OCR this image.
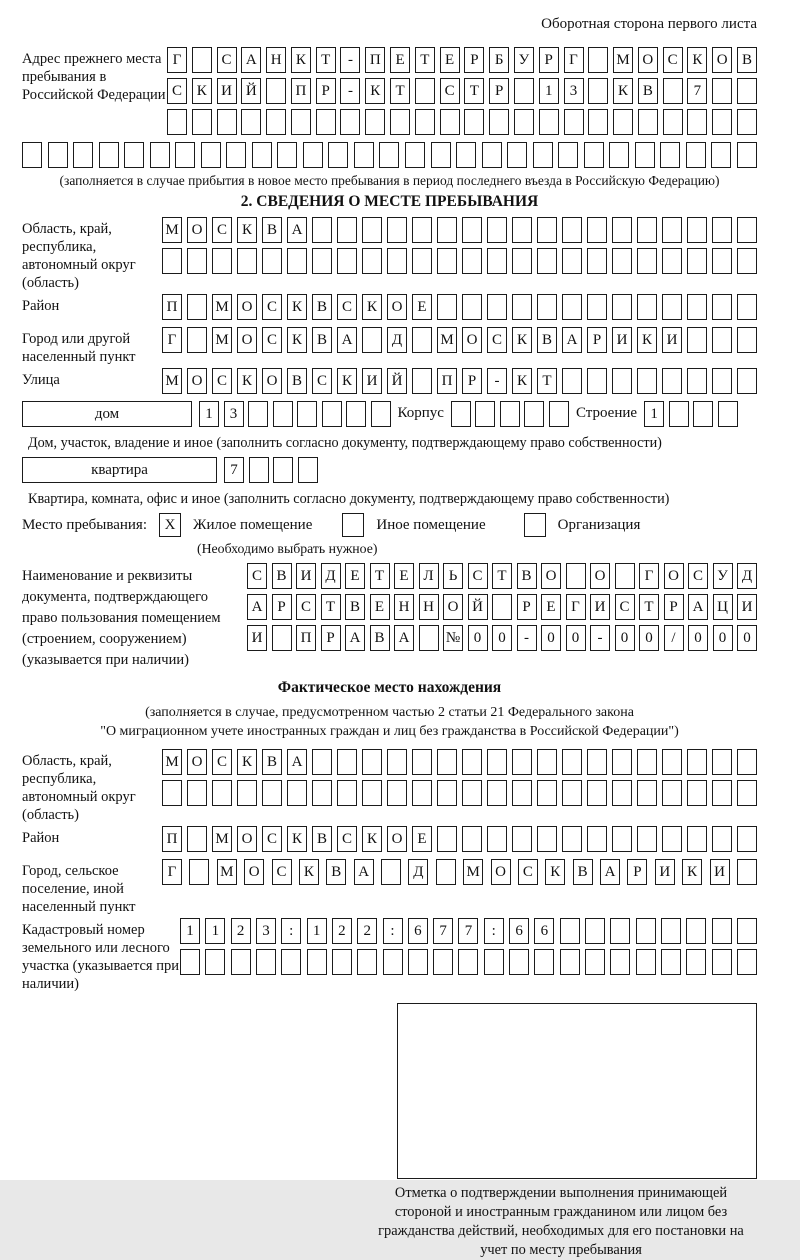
Оборотная сторона первого листа
Адрес прежнего места пребывания в Российской Федерации
Г	С А Н К	Т	-	П Е	Т	Е	Р	Б	У	Р	Г	М О С К О В
С К И Й	П	Р	-	К	Т	С	Т	Р	1	3	К В	7
(заполняется в случае прибытия в новое место пребывания в период последнего въезда в Российскую Федерацию)
2. СВЕДЕНИЯ О МЕСТЕ ПРЕБЫВАНИЯ
Область, край, республика, автономный округ (область)
М О С К В А
Район	П	М О С К В С К О Е
Город или другой населенный пункт
Г	М О С К В А	Д	М О С К В А	Р	И К И
Улица	М О С К О В С К И Й	П	Р	-	К	Т
дом	1	3	Корпус	Строение 1
Дом, участок, владение и иное (заполнить согласно документу, подтверждающему право собственности)
квартира	7
Квартира, комната, офис и иное (заполнить согласно документу, подтверждающему право собственности)
Место пребывания:	X	Жилое помещение	Иное помещение	Организация
(Необходимо выбрать нужное)
Наименование и реквизиты документа, подтверждающего право пользования помещением (строением, сооружением) (указывается при наличии)
С В И Д Е	Т	Е Л	Ь	С Т В О	О	Г О С У Д
А Р	С Т В Е Н Н О Й	Р	Е	Г И С Т	Р А Ц И
И	П Р А В А	№ 0	0	-	0	0	-	0	0	/	0	0	0
Фактическое место нахождения
(заполняется в случае, предусмотренном частью 2 статьи 21 Федерального закона
"О миграционном учете иностранных граждан и лиц без гражданства в Российской Федерации")
Область, край, республика, автономный округ (область)
М О С К В А
Район	П	М О С К В С К О Е
Город, сельское поселение, иной населенный пункт
Г	М	О	С	К	В	А	Д	М	О	С	К	В	А	Р	И	К	И
Кадастровый номер земельного или лесного участка (указывается при наличии)
1	1	2	3	:	1	2	2	:	6	7	7	:	6	6
Отметка о подтверждении выполнения принимающей стороной и иностранным гражданином или лицом без гражданства действий, необходимых для его постановки на учет по месту пребывания
